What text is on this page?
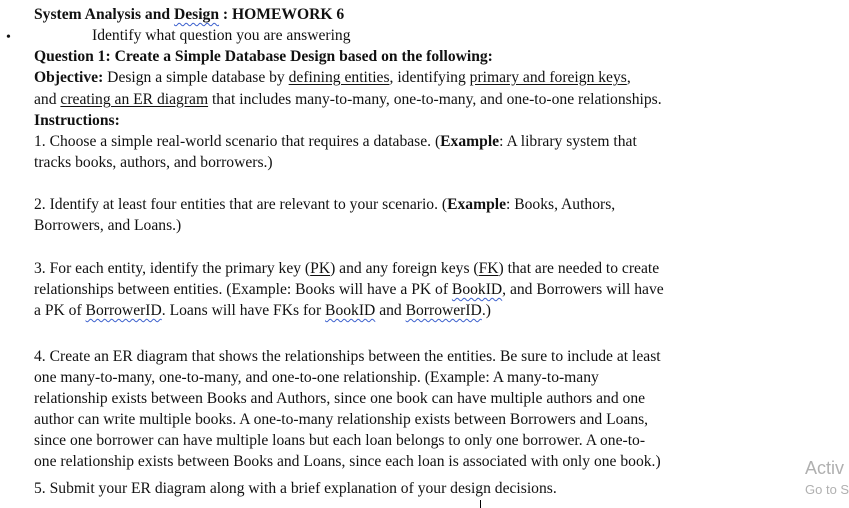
System Analysis and Design : HOMEWORK 6
•	Identify what question you are answering
Question 1: Create a Simple Database Design based on the following:
Objective: Design a simple database by defining entities, identifying primary and foreign keys,
and creating an ER diagram that includes many-to-many, one-to-many, and one-to-one relationships.
Instructions:
1. Choose a simple real-world scenario that requires a database. (Example: A library system that
tracks books, authors, and borrowers.)
2. Identify at least four entities that are relevant to your scenario. (Example: Books, Authors,
Borrowers, and Loans.)
3. For each entity, identify the primary key (PK) and any foreign keys (FK) that are needed to create
relationships between entities. (Example: Books will have a PK of BookID, and Borrowers will have
a PK of BorrowerID. Loans will have FKs for BookID and BorrowerID.)
4. Create an ER diagram that shows the relationships between the entities. Be sure to include at least
one many-to-many, one-to-many, and one-to-one relationship. (Example: A many-to-many
relationship exists between Books and Authors, since one book can have multiple authors and one
author can write multiple books. A one-to-many relationship exists between Borrowers and Loans,
since one borrower can have multiple loans but each loan belongs to only one borrower. A one-to-
one relationship exists between Books and Loans, since each loan is associated with only one book.)
5. Submit your ER diagram along with a brief explanation of your design decisions.
Activ
Go to S
